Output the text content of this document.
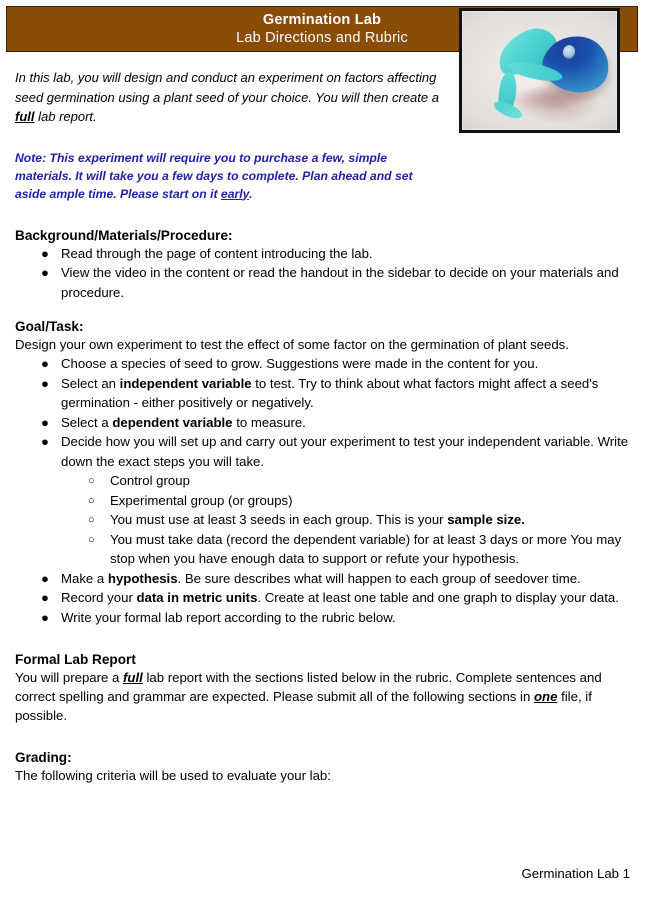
Germination Lab
Lab Directions and Rubric

In this lab, you will design and conduct an experiment on factors affecting seed germination using a plant seed of your choice. You will then create a full lab report.

Note: This experiment will require you to purchase a few, simple materials. It will take you a few days to complete. Plan ahead and set aside ample time. Please start on it early.

Background/Materials/Procedure:
● Read through the page of content introducing the lab.
● View the video in the content or read the handout in the sidebar to decide on your materials and procedure.
Goal/Task:

Design your own experiment to test the effect of some factor on the germination of plant seeds.

● Choose a species of seed to grow. Suggestions were made in the content for you.
● Select an independent variable to test. Try to think about what factors might affect a seed's germination - either positively or negatively.
● Select a dependent variable to measure.
● Decide how you will set up and carry out your experiment to test your independent variable. Write down the exact steps you will take.
○ Control group
○ Experimental group (or groups)
○ You must use at least 3 seeds in each group. This is your sample size.
○ You must take data (record the dependent variable) for at least 3 days or more You may stop when you have enough data to support or refute your hypothesis.
● Make a hypothesis. Be sure describes what will happen to each group of seedover time.
● Record your data in metric units. Create at least one table and one graph to display your data.
● Write your formal lab report according to the rubric below.
Formal Lab Report

You will prepare a full lab report with the sections listed below in the rubric. Complete sentences and correct spelling and grammar are expected. Please submit all of the following sections in one file, if possible.

Grading:

The following criteria will be used to evaluate your lab:

Germination Lab 1
